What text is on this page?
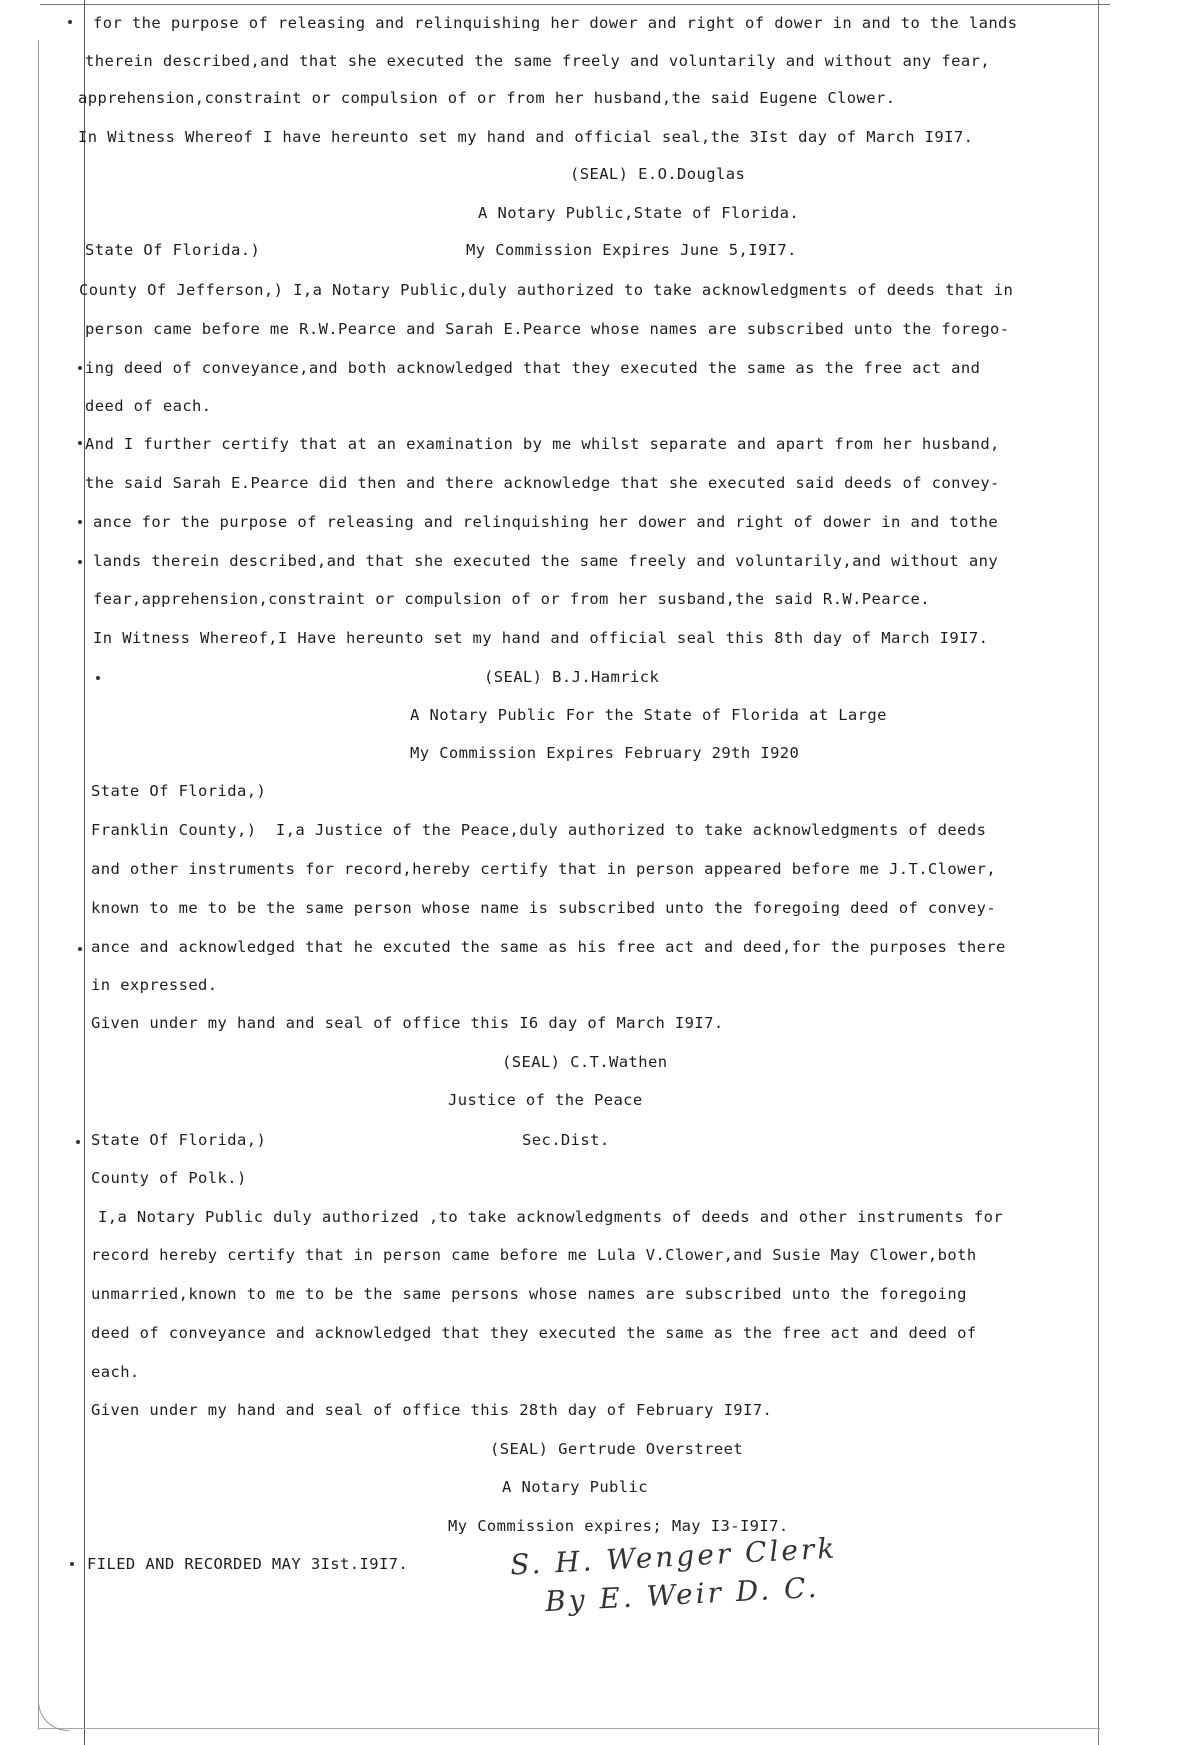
for the purpose of releasing and relinquishing her dower and right of dower in and to the lands
therein described,and that she executed the same freely and voluntarily and without any fear,
apprehension,constraint or compulsion of or from her husband,the said Eugene Clower.
In Witness Whereof I have hereunto set my hand and official seal,the 3Ist day of March I9I7.
(SEAL) E.O.Douglas
A Notary Public,State of Florida.
State Of Florida.)	My Commission Expires June 5,I9I7.
County Of Jefferson,) I,a Notary Public,duly authorized to take acknowledgments of deeds that in
person came before me R.W.Pearce and Sarah E.Pearce whose names are subscribed unto the forego-
ing deed of conveyance,and both acknowledged that they executed the same as the free act and
deed of each.
And I further certify that at an examination by me whilst separate and apart from her husband,
the said Sarah E.Pearce did then and there acknowledge that she executed said deeds of convey-
ance for the purpose of releasing and relinquishing her dower and right of dower in and tothe
lands therein described,and that she executed the same freely and voluntarily,and without any
fear,apprehension,constraint or compulsion of or from her susband,the said R.W.Pearce.
In Witness Whereof,I Have hereunto set my hand and official seal this 8th day of March I9I7.
(SEAL) B.J.Hamrick
A Notary Public For the State of Florida at Large
My Commission Expires February 29th I920
State Of Florida,)
Franklin County,)  I,a Justice of the Peace,duly authorized to take acknowledgments of deeds
and other instruments for record,hereby certify that in person appeared before me J.T.Clower,
known to me to be the same person whose name is subscribed unto the foregoing deed of convey-
ance and acknowledged that he excuted the same as his free act and deed,for the purposes there
in expressed.
Given under my hand and seal of office this I6 day of March I9I7.
(SEAL) C.T.Wathen
Justice of the Peace
State Of Florida,)	Sec.Dist.
County of Polk.)
I,a Notary Public duly authorized ,to take acknowledgments of deeds and other instruments for
record hereby certify that in person came before me Lula V.Clower,and Susie May Clower,both
unmarried,known to me to be the same persons whose names are subscribed unto the foregoing
deed of conveyance and acknowledged that they executed the same as the free act and deed of
each.
Given under my hand and seal of office this 28th day of February I9I7.
(SEAL) Gertrude Overstreet
A Notary Public
My Commission expires; May I3-I9I7.
FILED AND RECORDED MAY 3Ist.I9I7.	S. H. Wenger Clerk
By E. Weir D. C.
